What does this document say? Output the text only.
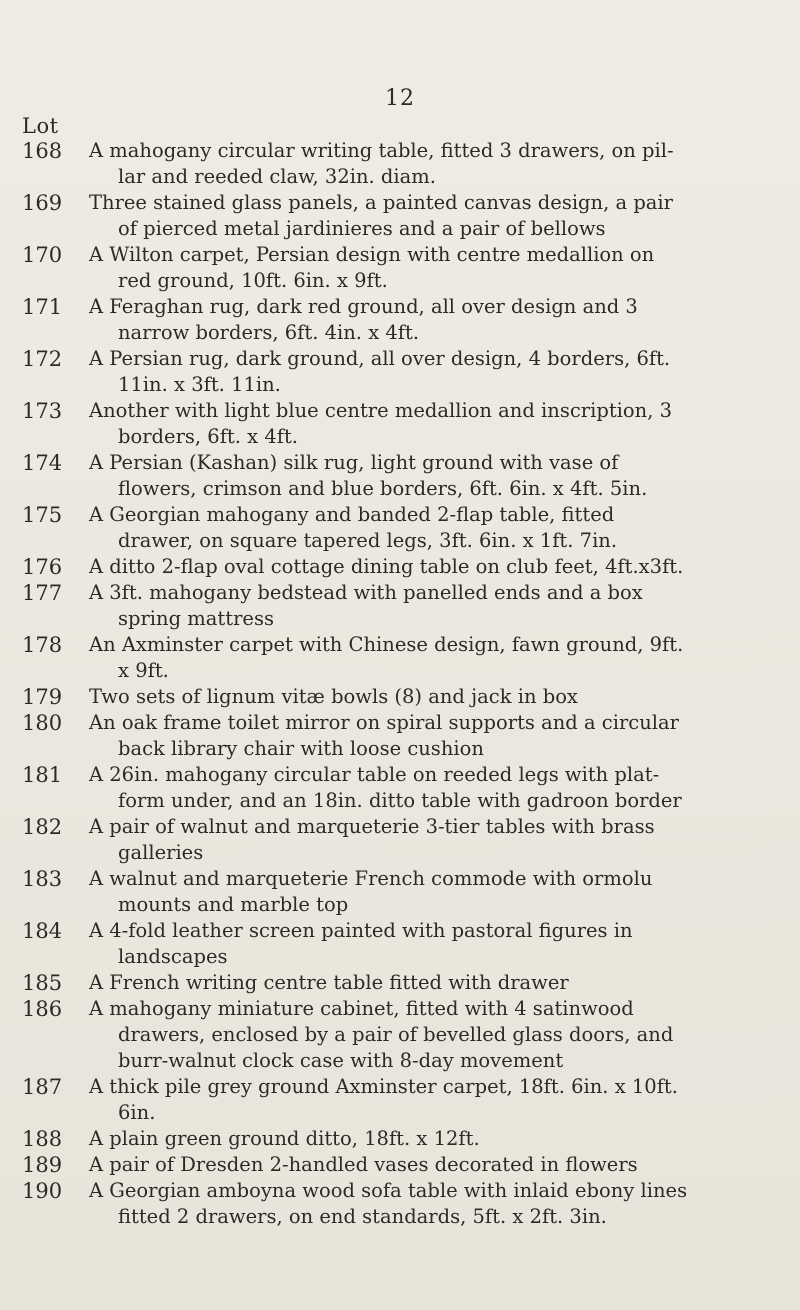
12
Lot
168	A mahogany circular writing table, fitted 3 drawers, on pil-
lar and reeded claw, 32in. diam.
169	Three stained glass panels, a painted canvas design, a pair
of pierced metal jardinieres and a pair of bellows
170	A Wilton carpet, Persian design with centre medallion on
red ground, 10ft. 6in. x 9ft.
171	A Feraghan rug, dark red ground, all over design and 3
narrow borders, 6ft. 4in. x 4ft.
172	A Persian rug, dark ground, all over design, 4 borders, 6ft.
11in. x 3ft. 11in.
173	Another with light blue centre medallion and inscription, 3
borders, 6ft. x 4ft.
174	A Persian (Kashan) silk rug, light ground with vase of
flowers, crimson and blue borders, 6ft. 6in. x 4ft. 5in.
175	A Georgian mahogany and banded 2-flap table, fitted
drawer, on square tapered legs, 3ft. 6in. x 1ft. 7in.
176	A ditto 2-flap oval cottage dining table on club feet, 4ft.x3ft.
177	A 3ft. mahogany bedstead with panelled ends and a box
spring mattress
178	An Axminster carpet with Chinese design, fawn ground, 9ft.
x 9ft.
179	Two sets of lignum vitæ bowls (8) and jack in box
180	An oak frame toilet mirror on spiral supports and a circular
back library chair with loose cushion
181	A 26in. mahogany circular table on reeded legs with plat-
form under, and an 18in. ditto table with gadroon border
182	A pair of walnut and marqueterie 3-tier tables with brass
galleries
183	A walnut and marqueterie French commode with ormolu
mounts and marble top
184	A 4-fold leather screen painted with pastoral figures in
landscapes
185	A French writing centre table fitted with drawer
186	A mahogany miniature cabinet, fitted with 4 satinwood
drawers, enclosed by a pair of bevelled glass doors, and
burr-walnut clock case with 8-day movement
187	A thick pile grey ground Axminster carpet, 18ft. 6in. x 10ft.
6in.
188	A plain green ground ditto, 18ft. x 12ft.
189	A pair of Dresden 2-handled vases decorated in flowers
190	A Georgian amboyna wood sofa table with inlaid ebony lines
fitted 2 drawers, on end standards, 5ft. x 2ft. 3in.
